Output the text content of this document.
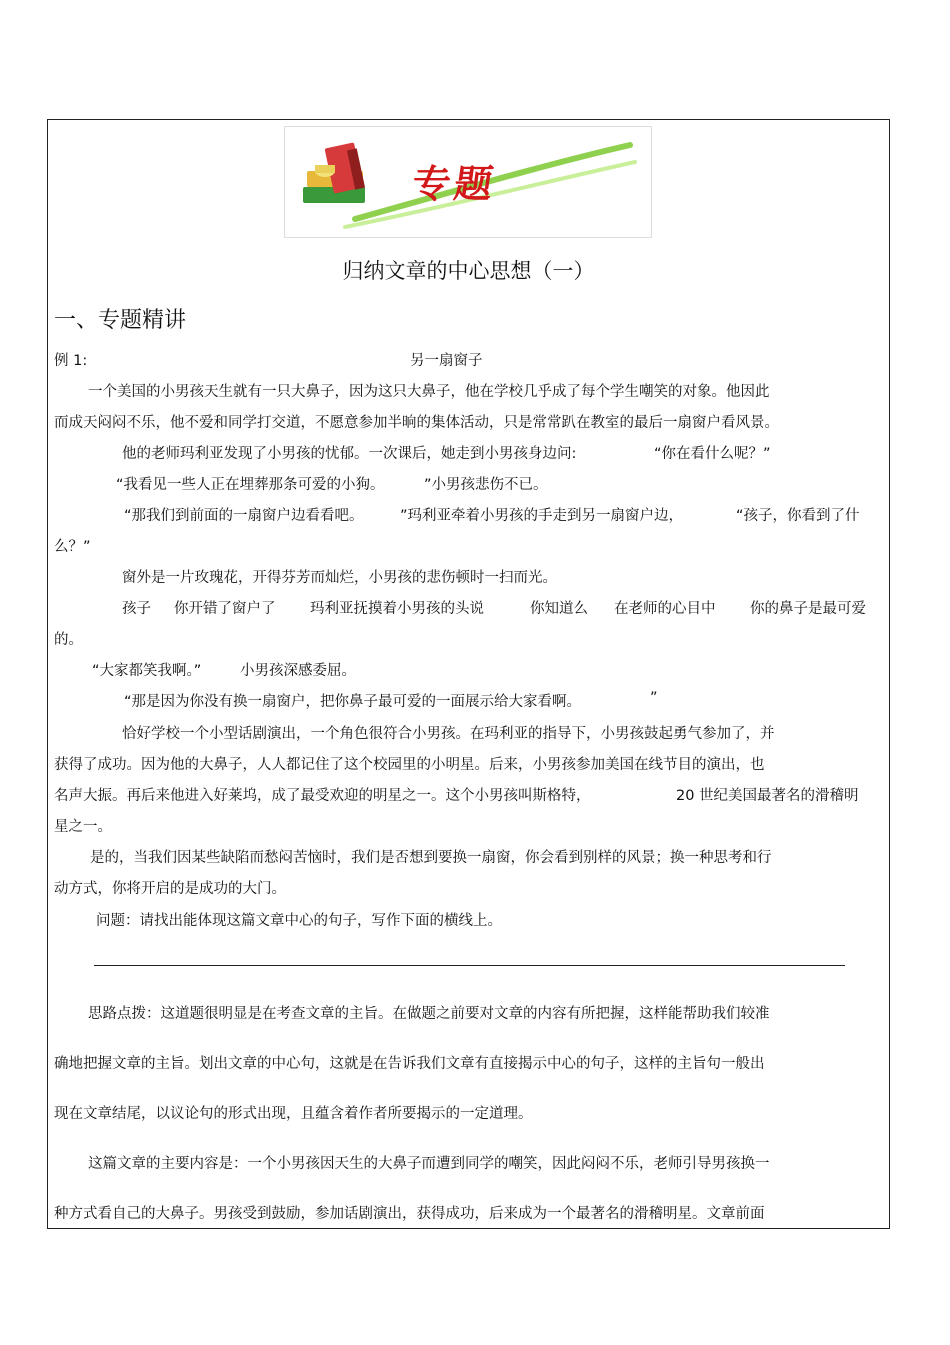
专题
归纳文章的中心思想（一）
一、专题精讲
例 1:	另一扇窗子
一个美国的小男孩天生就有一只大鼻子，因为这只大鼻子，他在学校几乎成了每个学生嘲笑的对象。他因此
而成天闷闷不乐，他不爱和同学打交道，不愿意参加半晌的集体活动，只是常常趴在教室的最后一扇窗户看风景。
他的老师玛利亚发现了小男孩的忧郁。一次课后，她走到小男孩身边问:	“你在看什么呢？”
“我看见一些人正在埋葬那条可爱的小狗。	”小男孩悲伤不已。
“那我们到前面的一扇窗户边看看吧。	”玛利亚牵着小男孩的手走到另一扇窗户边，	“孩子，你看到了什
么？”
窗外是一片玫瑰花，开得芬芳而灿烂，小男孩的悲伤顿时一扫而光。
孩子 你开错了窗户了 玛利亚抚摸着小男孩的头说	你知道么 在老师的心目中 你的鼻子是最可爱
的。
“大家都笑我啊。”	小男孩深感委屈。
“那是因为你没有换一扇窗户，把你鼻子最可爱的一面展示给大家看啊。	”
恰好学校一个小型话剧演出，一个角色很符合小男孩。在玛利亚的指导下，小男孩鼓起勇气参加了，并
获得了成功。因为他的大鼻子，人人都记住了这个校园里的小明星。后来，小男孩参加美国在线节目的演出，也
名声大振。再后来他进入好莱坞，成了最受欢迎的明星之一。这个小男孩叫斯格特，	20 世纪美国最著名的滑稽明
星之一。
是的，当我们因某些缺陷而愁闷苦恼时，我们是否想到要换一扇窗，你会看到别样的风景；换一种思考和行
动方式，你将开启的是成功的大门。
问题：请找出能体现这篇文章中心的句子，写作下面的横线上。
思路点拨：这道题很明显是在考查文章的主旨。在做题之前要对文章的内容有所把握，这样能帮助我们较准
确地把握文章的主旨。划出文章的中心句，这就是在告诉我们文章有直接揭示中心的句子，这样的主旨句一般出
现在文章结尾，以议论句的形式出现，且蕴含着作者所要揭示的一定道理。
这篇文章的主要内容是：一个小男孩因天生的大鼻子而遭到同学的嘲笑，因此闷闷不乐，老师引导男孩换一
种方式看自己的大鼻子。男孩受到鼓励，参加话剧演出，获得成功，后来成为一个最著名的滑稽明星。文章前面
